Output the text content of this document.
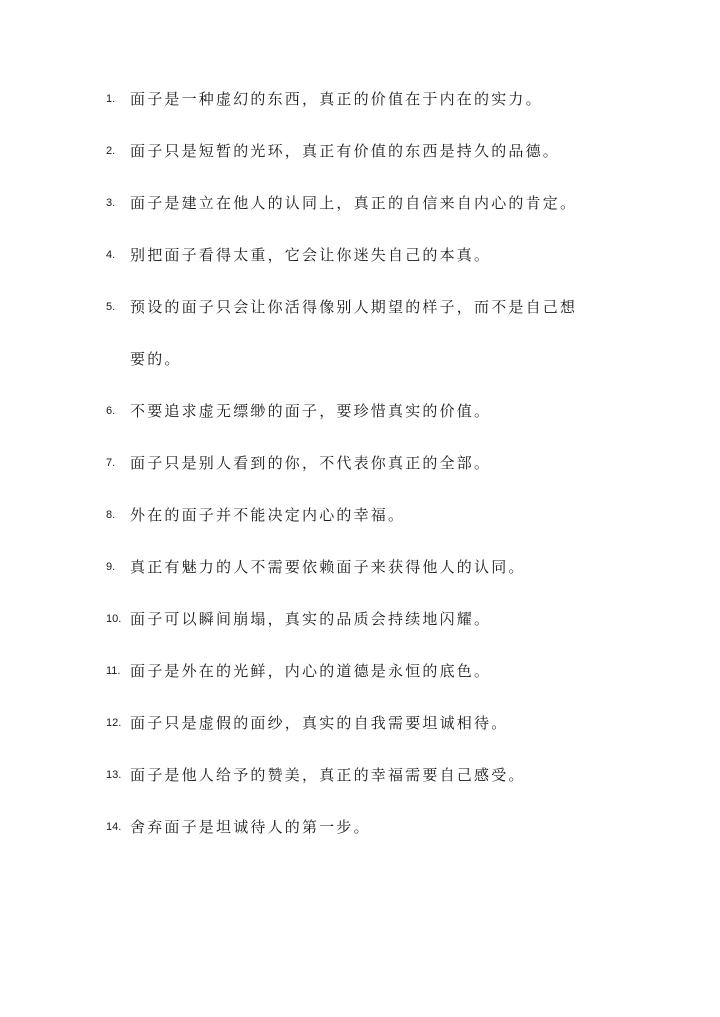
1. 面子是一种虚幻的东西，真正的价值在于内在的实力。
2. 面子只是短暂的光环，真正有价值的东西是持久的品德。
3. 面子是建立在他人的认同上，真正的自信来自内心的肯定。
4. 别把面子看得太重，它会让你迷失自己的本真。
5. 预设的面子只会让你活得像别人期望的样子，而不是自己想
要的。
6. 不要追求虚无缥缈的面子，要珍惜真实的价值。
7. 面子只是别人看到的你，不代表你真正的全部。
8. 外在的面子并不能决定内心的幸福。
9. 真正有魅力的人不需要依赖面子来获得他人的认同。
10. 面子可以瞬间崩塌，真实的品质会持续地闪耀。
11. 面子是外在的光鲜，内心的道德是永恒的底色。
12. 面子只是虚假的面纱，真实的自我需要坦诚相待。
13. 面子是他人给予的赞美，真正的幸福需要自己感受。
14. 舍弃面子是坦诚待人的第一步。
